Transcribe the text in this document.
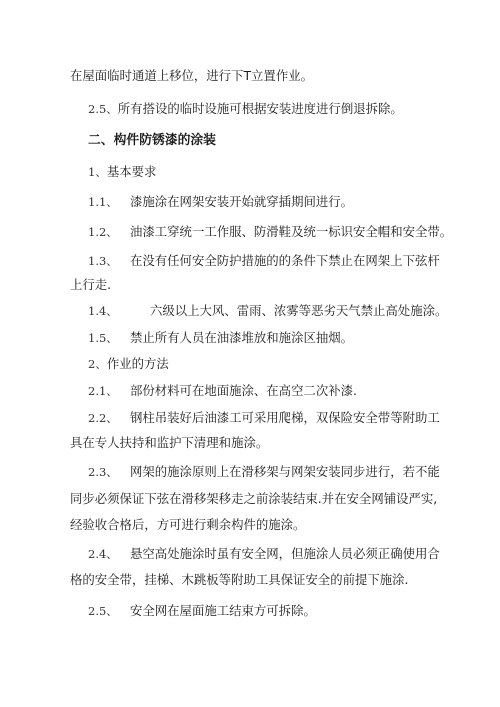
在屋面临时通道上移位，进行下T立置作业。
2.5、所有搭设的临时设施可根据安装进度进行倒退拆除。
二、构件防锈漆的涂装
1、基本要求
1.1、 漆施涂在网架安装开始就穿插期间进行。
1.2、 油漆工穿统一工作服、防滑鞋及统一标识安全帽和安全带。
1.3、 在没有任何安全防护措施的的条件下禁止在网架上下弦杆
上行走.
1.4、	六级以上大风、雷雨、浓雾等恶劣天气禁止高处施涂。
1.5、 禁止所有人员在油漆堆放和施涂区抽烟。
2、作业的方法
2.1、 部份材料可在地面施涂、在高空二次补漆.
2.2、 钢柱吊装好后油漆工可采用爬梯，双保险安全带等附助工
具在专人扶持和监护下清理和施涂。
2.3、 网架的施涂原则上在滑移架与网架安装同步进行，若不能
同步必须保证下弦在滑移架移走之前涂装结束.并在安全网铺设严实,
经验收合格后，方可进行剩余构件的施涂。
2.4、 悬空高处施涂时虽有安全网，但施涂人员必须正确使用合
格的安全带，挂梯、木跳板等附助工具保证安全的前提下施涂.
2.5、 安全网在屋面施工结束方可拆除。
